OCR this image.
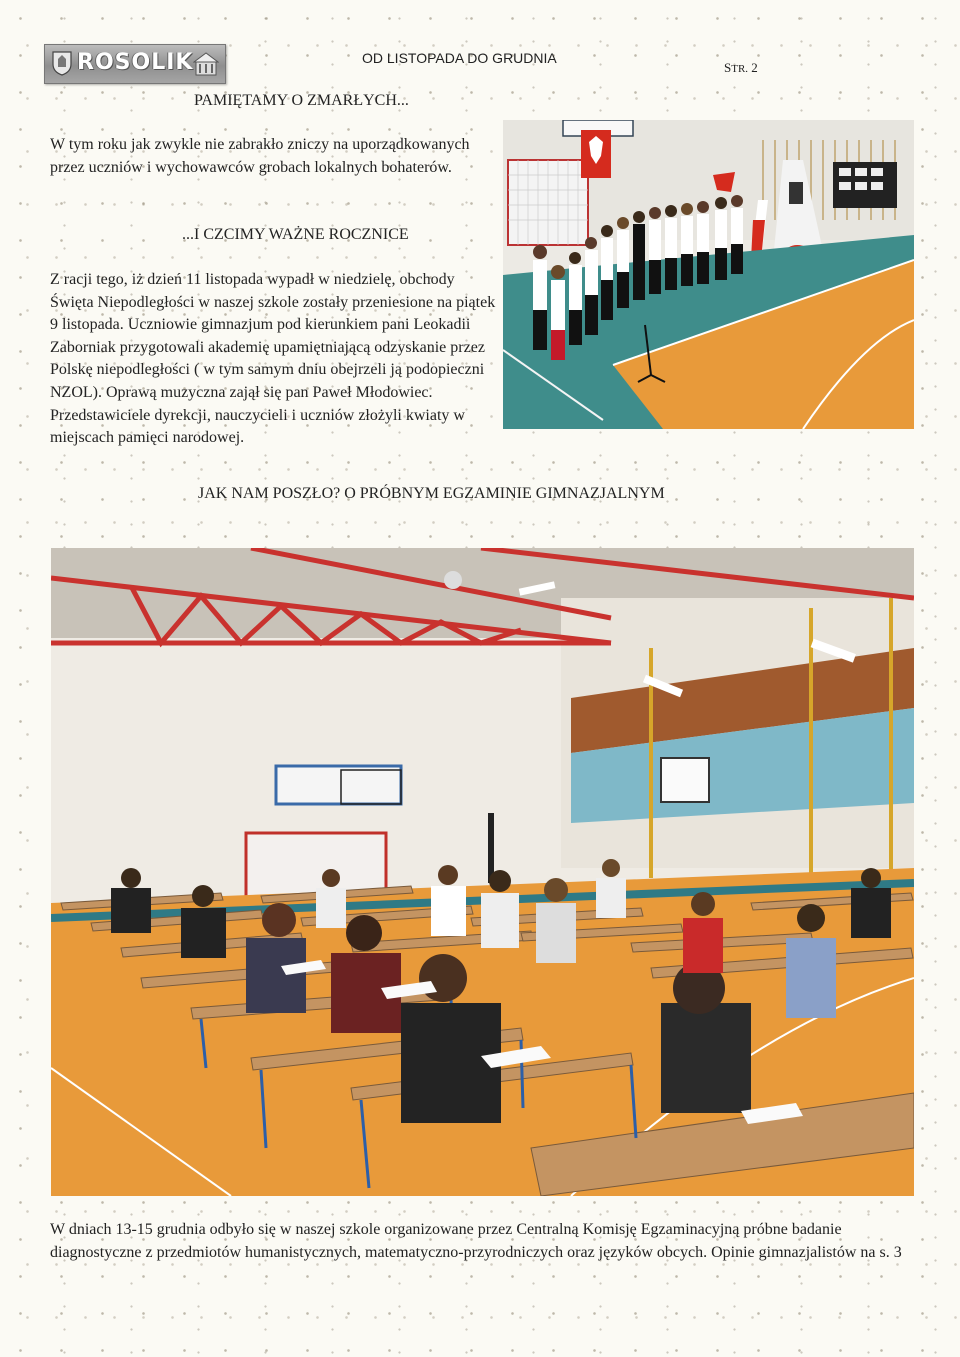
ROSOLIK	OD LISTOPADA DO GRUDNIA
STR. 2
PAMIĘTAMY O ZMARŁYCH...

W tym roku jak zwykle nie zabrakło zniczy na uporządkowanych przez uczniów i wychowawców grobach lokalnych bohaterów.

...I CZCIMY WAŻNE ROCZNICE

Z racji tego, iż dzień 11 listopada wypadł w niedzielę, obchody Święta Niepodległości w naszej szkole zostały przeniesione na piątek 9 listopada. Uczniowie gimnazjum pod kierunkiem pani Leokadii Zaborniak przygotowali akademię upamiętniającą odzyskanie przez Polskę niepodległości ( w tym samym dniu obejrzeli ją podopieczni NZOL). Oprawą muzyczna zajął się pan Paweł Młodowiec. Przedstawiciele dyrekcji, nauczycieli i uczniów złożyli kwiaty w miejscach pamięci narodowej.

JAK NAM POSZŁO? O PRÓBNYM EGZAMINIE GIMNAZJALNYM

W dniach 13-15 grudnia odbyło się w naszej szkole organizowane przez Centralną Komisję Egzaminacyjną próbne badanie diagnostyczne z przedmiotów humanistycznych, matematyczno-przyrodniczych oraz języków obcych. Opinie gimnazjalistów na s. 3
